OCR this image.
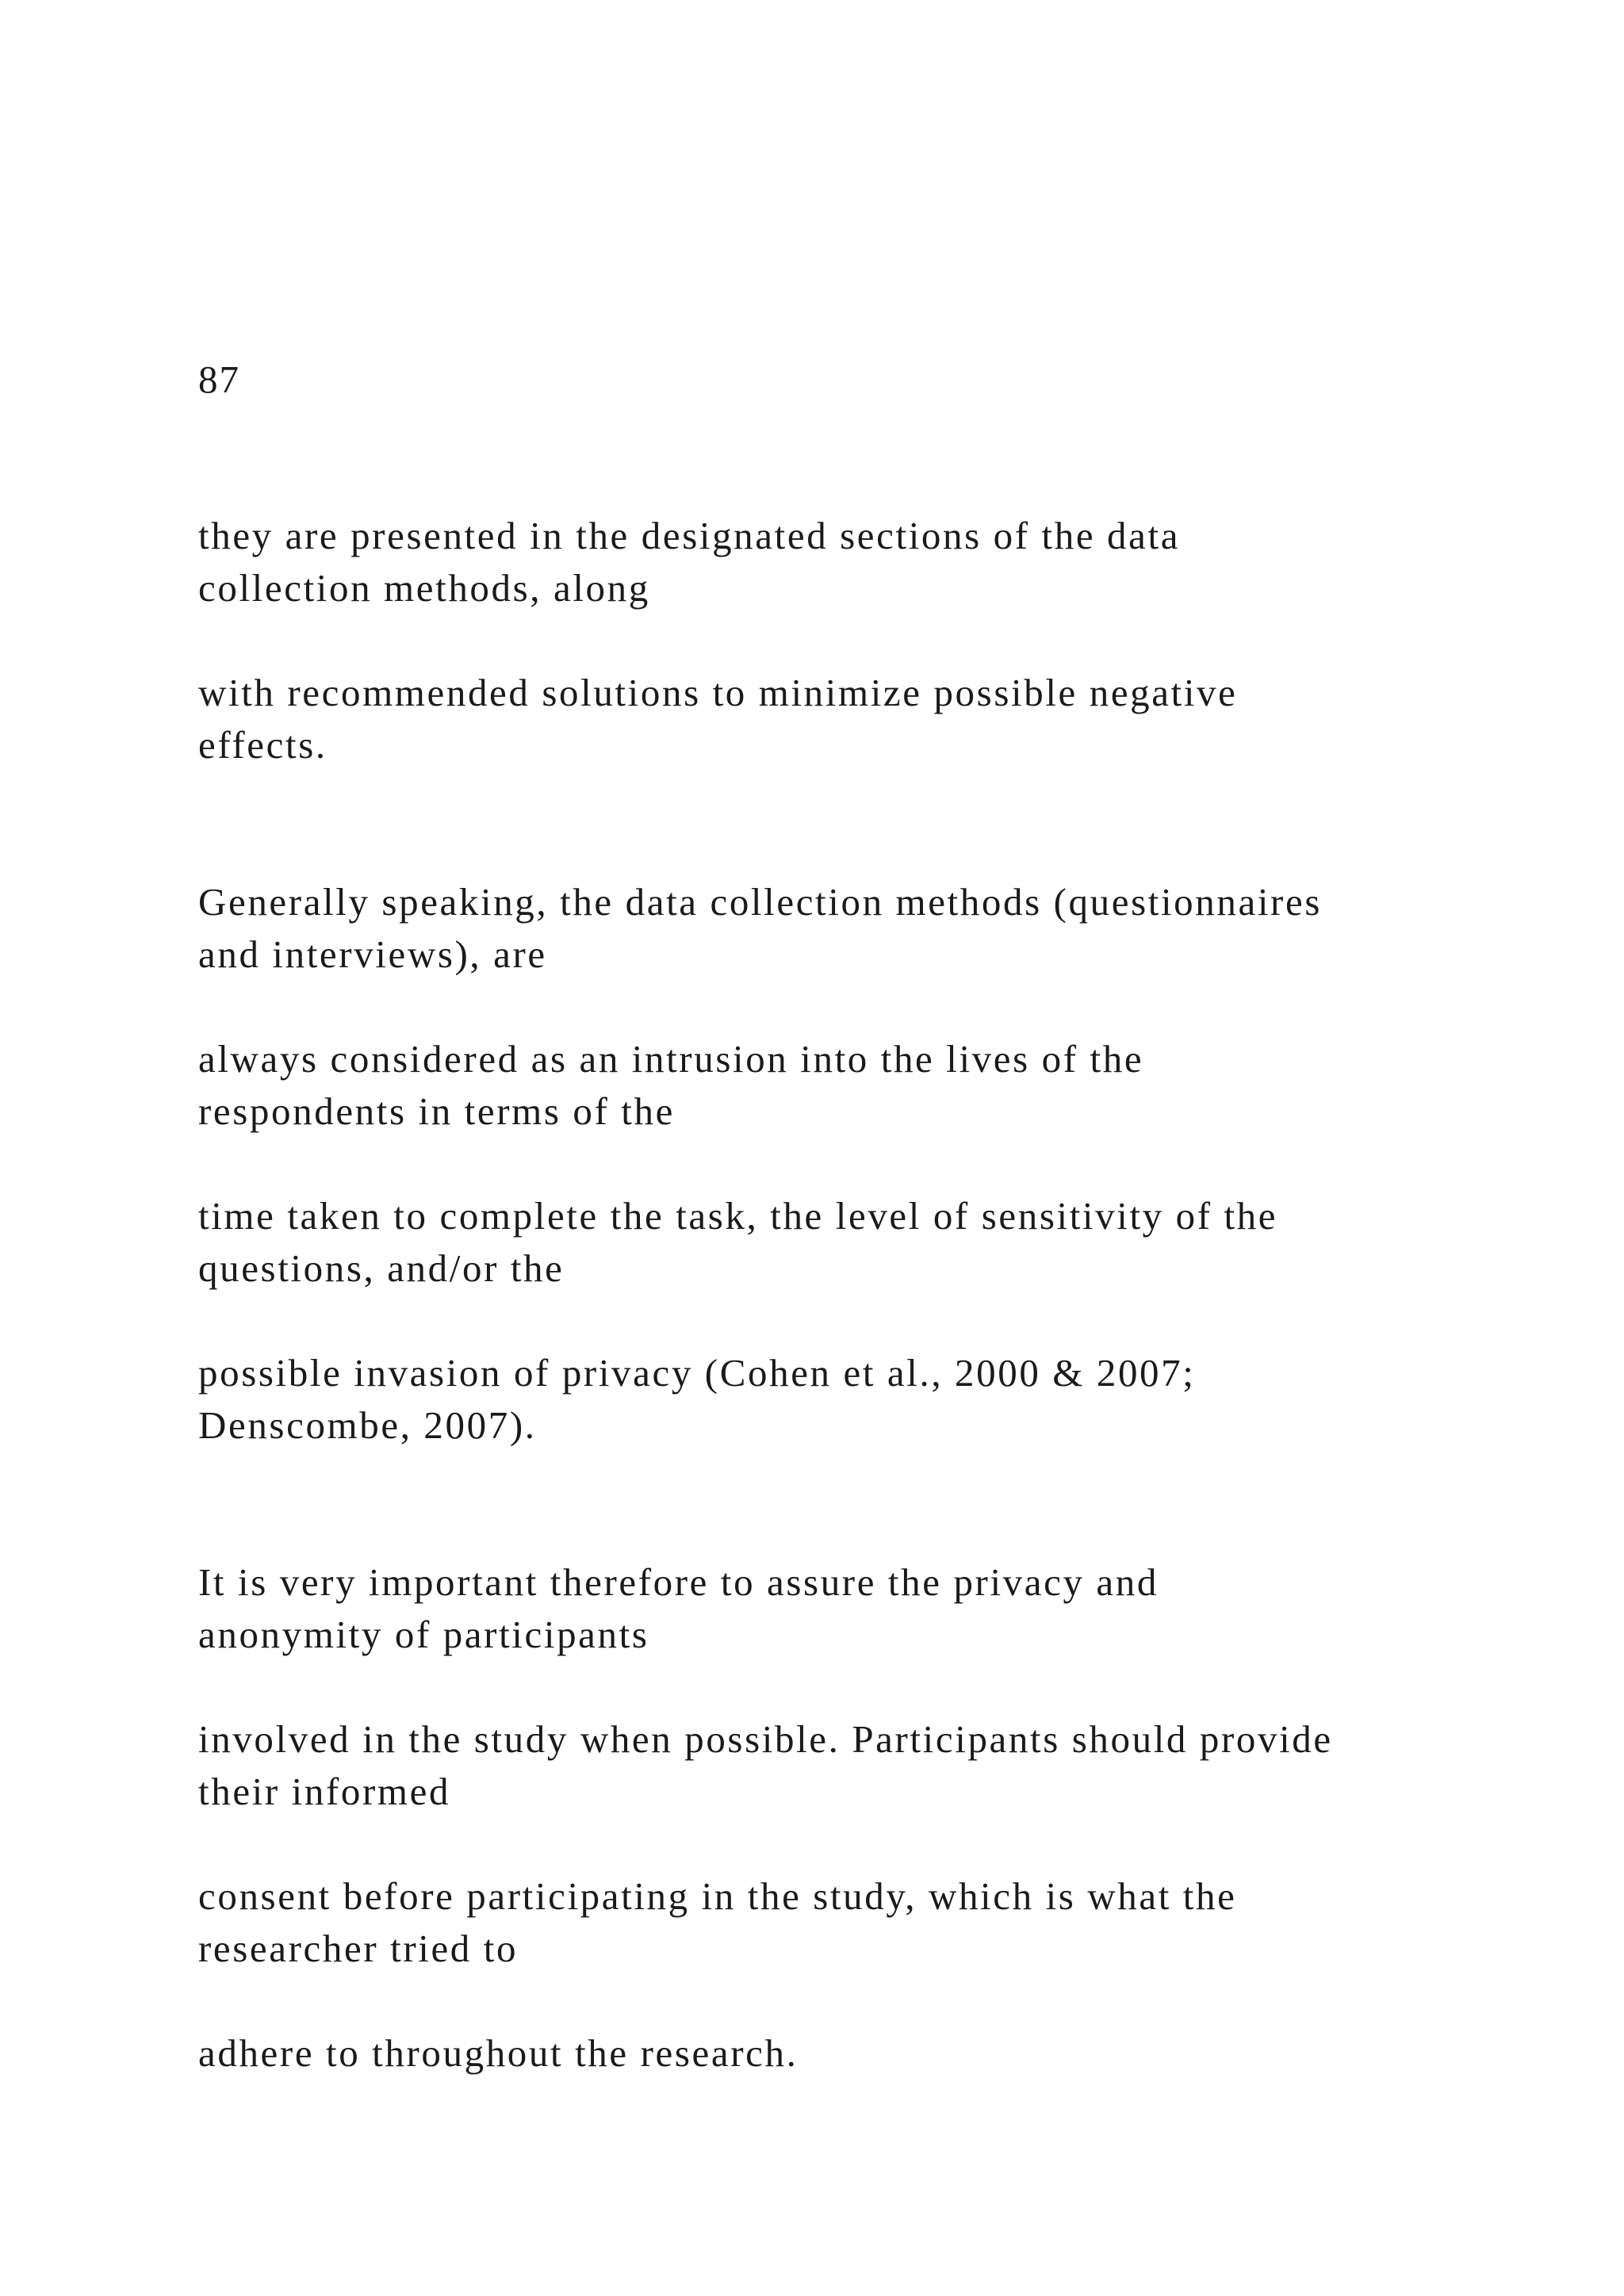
87

they are presented in the designated sections of the data

collection methods, along

with recommended solutions to minimize possible negative

effects.

Generally speaking, the data collection methods (questionnaires

and interviews), are

always considered as an intrusion into the lives of the

respondents in terms of the

time taken to complete the task, the level of sensitivity of the

questions, and/or the

possible invasion of privacy (Cohen et al., 2000 & 2007;

Denscombe, 2007).

It is very important therefore to assure the privacy and

anonymity of participants

involved in the study when possible. Participants should provide

their informed

consent before participating in the study, which is what the

researcher tried to

adhere to throughout the research.
